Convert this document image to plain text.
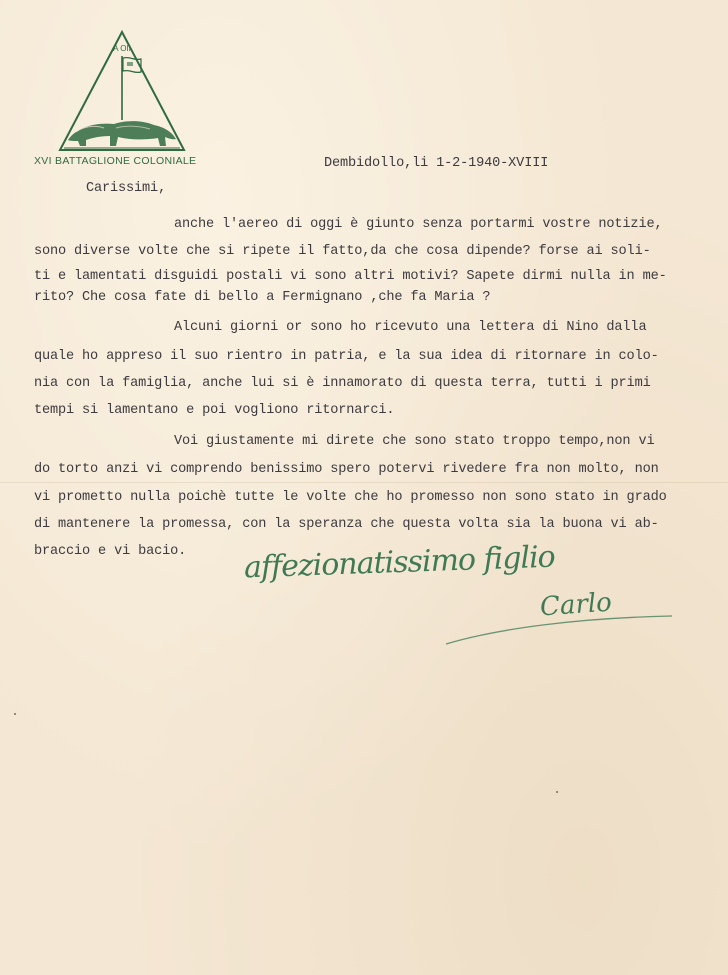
A OII
XVI BATTAGLIONE COLONIALE	Dembidollo,li 1-2-1940-XVIII
Carissimi,
anche l'aereo di oggi è giunto senza portarmi vostre notizie,
sono diverse volte che si ripete il fatto,da che cosa dipende? forse ai soli-
ti e lamentati disguidi postali vi sono altri motivi? Sapete dirmi nulla in me-
rito? Che cosa fate di bello a Fermignano ,che fa Maria ?
Alcuni giorni or sono ho ricevuto una lettera di Nino dalla
quale ho appreso il suo rientro in patria, e la sua idea di ritornare in colo-
nia con la famiglia, anche lui si è innamorato di questa terra, tutti i primi
tempi si lamentano e poi vogliono ritornarci.
Voi giustamente mi direte che sono stato troppo tempo,non vi
do torto anzi vi comprendo benissimo spero potervi rivedere fra non molto, non
vi prometto nulla poichè tutte le volte che ho promesso non sono stato in grado
di mantenere la promessa, con la speranza che questa volta sia la buona vi ab-
braccio e vi bacio. affezionatissimo figlio
Carlo
